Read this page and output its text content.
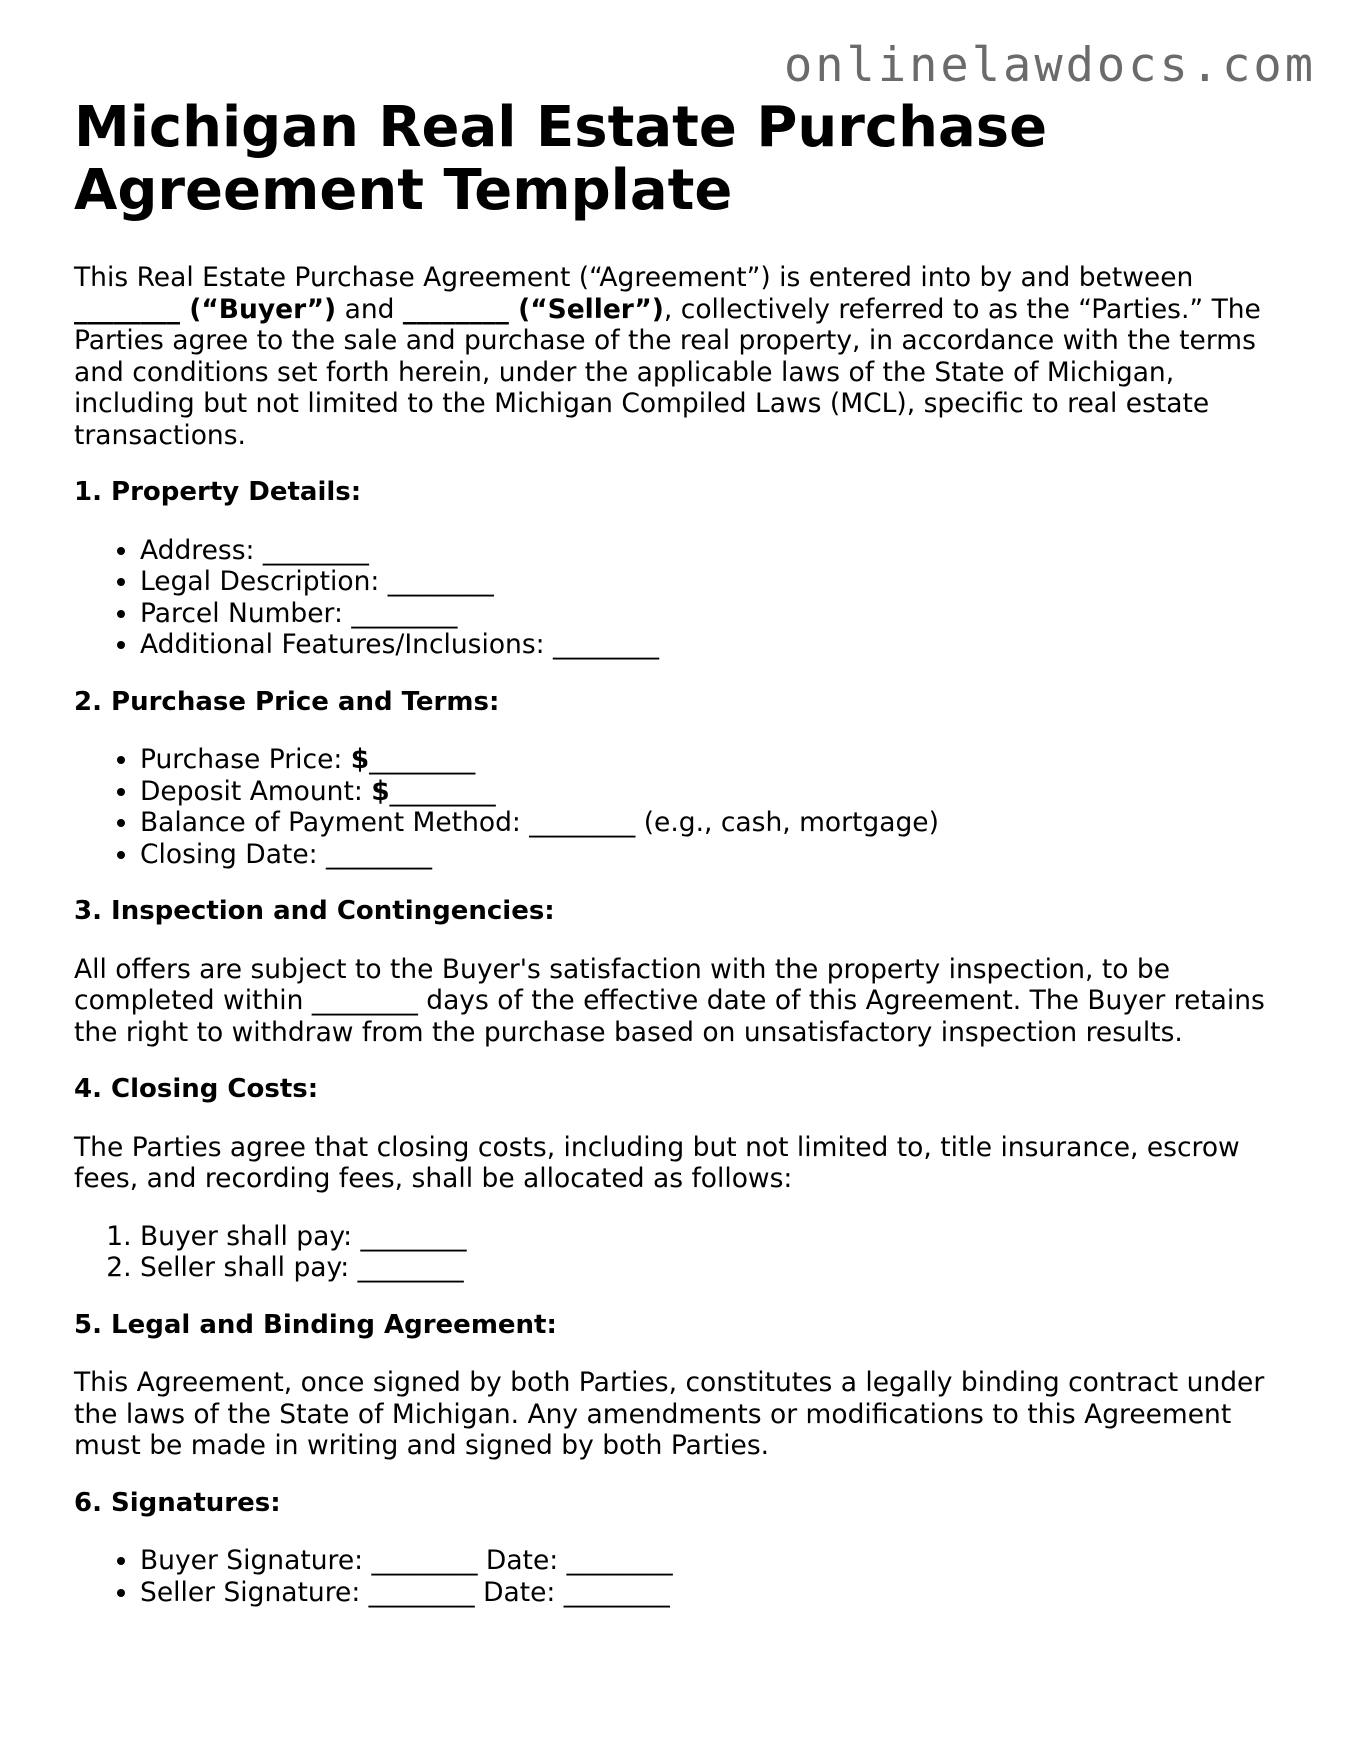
onlinelawdocs.com
Michigan Real Estate Purchase Agreement Template

This Real Estate Purchase Agreement (“Agreement”) is entered into by and between ________ (“Buyer”) and ________ (“Seller”), collectively referred to as the “Parties.” The Parties agree to the sale and purchase of the real property, in accordance with the terms and conditions set forth herein, under the applicable laws of the State of Michigan, including but not limited to the Michigan Compiled Laws (MCL), specific to real estate transactions.

1. Property Details:
• Address: ________
• Legal Description: ________
• Parcel Number: ________
• Additional Features/Inclusions: ________
2. Purchase Price and Terms:
• Purchase Price: $________
• Deposit Amount: $________
• Balance of Payment Method: ________ (e.g., cash, mortgage)
• Closing Date: ________
3. Inspection and Contingencies:

All offers are subject to the Buyer's satisfaction with the property inspection, to be completed within ________ days of the effective date of this Agreement. The Buyer retains the right to withdraw from the purchase based on unsatisfactory inspection results.

4. Closing Costs:

The Parties agree that closing costs, including but not limited to, title insurance, escrow fees, and recording fees, shall be allocated as follows:

1. Buyer shall pay: ________
2. Seller shall pay: ________
5. Legal and Binding Agreement:

This Agreement, once signed by both Parties, constitutes a legally binding contract under the laws of the State of Michigan. Any amendments or modifications to this Agreement must be made in writing and signed by both Parties.

6. Signatures:
• Buyer Signature: ________ Date: ________
• Seller Signature: ________ Date: ________
